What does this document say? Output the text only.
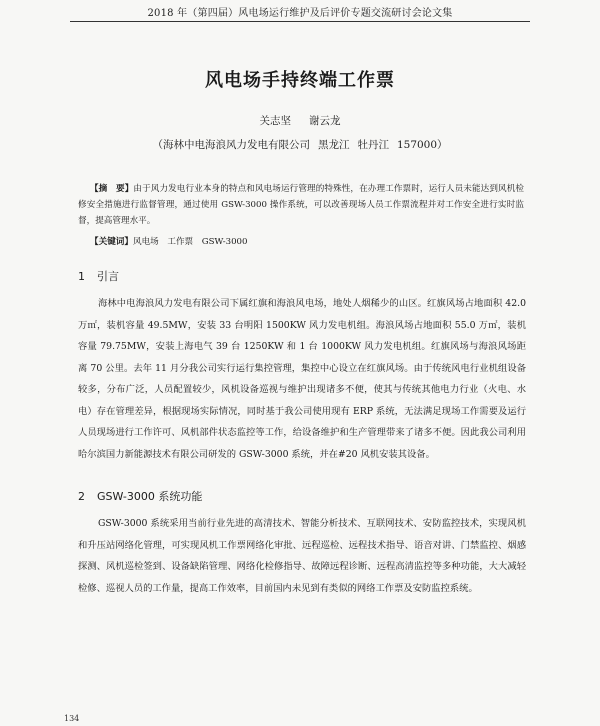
2018 年（第四届）风电场运行维护及后评价专题交流研讨会论文集
风电场手持终端工作票
关志坚 谢云龙
（海林中电海浪风力发电有限公司 黑龙江 牡丹江 157000）
【摘　要】由于风力发电行业本身的特点和风电场运行管理的特殊性，在办理工作票时，运行人员未能达到风机检修安全措施进行监督管理，通过使用 GSW-3000 操作系统，可以改善现场人员工作票流程并对工作安全进行实时监督，提高管理水平。
【关键词】风电场　工作票　GSW-3000
1 引言
海林中电海浪风力发电有限公司下属红旗和海浪风电场，地处人烟稀少的山区。红旗风场占地面积 42.0 万㎡，装机容量 49.5MW，安装 33 台明阳 1500KW 风力发电机组。海浪风场占地面积 55.0 万㎡，装机容量 79.75MW，安装上海电气 39 台 1250KW 和 1 台 1000KW 风力发电机组。红旗风场与海浪风场距离 70 公里。去年 11 月分我公司实行运行集控管理，集控中心设立在红旗风场。由于传统风电行业机组设备较多，分布广泛，人员配置较少，风机设备巡视与维护出现诸多不便，使其与传统其他电力行业（火电、水电）存在管理差异，根据现场实际情况，同时基于我公司使用现有 ERP 系统，无法满足现场工作需要及运行人员现场进行工作许可、风机部件状态监控等工作，给设备维护和生产管理带来了诸多不便。因此我公司利用哈尔滨国力新能源技术有限公司研发的 GSW-3000 系统，并在#20 风机安装其设备。
2 GSW-3000 系统功能
GSW-3000 系统采用当前行业先进的高清技术、智能分析技术、互联网技术、安防监控技术，实现风机和升压站网络化管理，可实现风机工作票网络化审批、远程巡检、远程技术指导、语音对讲、门禁监控、烟感探测、风机巡检签到、设备缺陷管理、网络化检修指导、故障远程诊断、远程高清监控等多种功能，大大减轻检修、巡视人员的工作量，提高工作效率，目前国内未见到有类似的网络工作票及安防监控系统。
134
